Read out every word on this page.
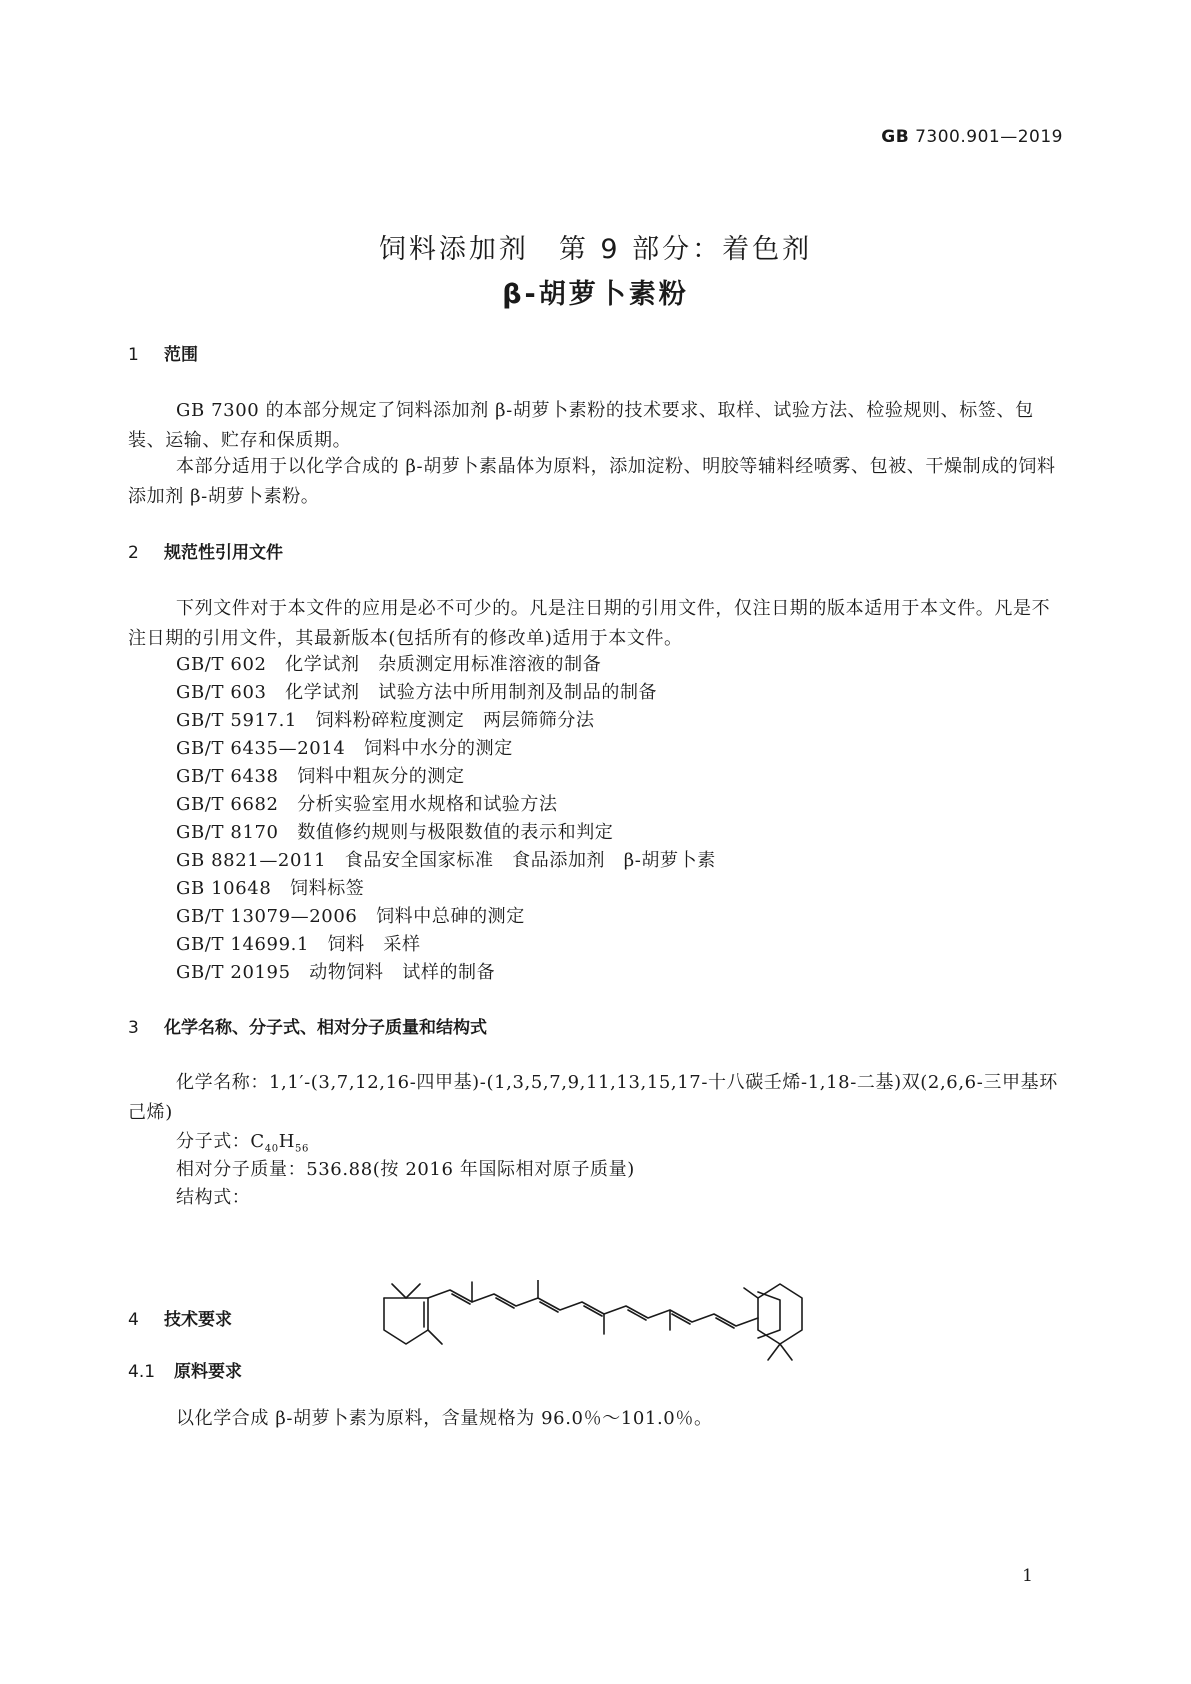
GB 7300.901—2019
饲料添加剂　第 9 部分：着色剂
β-胡萝卜素粉
1 范围
GB 7300 的本部分规定了饲料添加剂 β-胡萝卜素粉的技术要求、取样、试验方法、检验规则、标签、包装、运输、贮存和保质期。
本部分适用于以化学合成的 β-胡萝卜素晶体为原料，添加淀粉、明胶等辅料经喷雾、包被、干燥制成的饲料添加剂 β-胡萝卜素粉。
2 规范性引用文件
下列文件对于本文件的应用是必不可少的。凡是注日期的引用文件，仅注日期的版本适用于本文件。凡是不注日期的引用文件，其最新版本(包括所有的修改单)适用于本文件。
GB/T 602　化学试剂　杂质测定用标准溶液的制备
GB/T 603　化学试剂　试验方法中所用制剂及制品的制备
GB/T 5917.1　饲料粉碎粒度测定　两层筛筛分法
GB/T 6435—2014　饲料中水分的测定
GB/T 6438　饲料中粗灰分的测定
GB/T 6682　分析实验室用水规格和试验方法
GB/T 8170　数值修约规则与极限数值的表示和判定
GB 8821—2011　食品安全国家标准　食品添加剂　β-胡萝卜素
GB 10648　饲料标签
GB/T 13079—2006　饲料中总砷的测定
GB/T 14699.1　饲料　采样
GB/T 20195　动物饲料　试样的制备
3 化学名称、分子式、相对分子质量和结构式
化学名称：1,1′-(3,7,12,16-四甲基)-(1,3,5,7,9,11,13,15,17-十八碳壬烯-1,18-二基)双(2,6,6-三甲基环己烯)
分子式：$C_{40}H_{56}$
相对分子质量：536.88(按 2016 年国际相对原子质量)
结构式：
4 技术要求
4.1 原料要求
以化学合成 β-胡萝卜素为原料，含量规格为 96.0％～101.0％。
1
